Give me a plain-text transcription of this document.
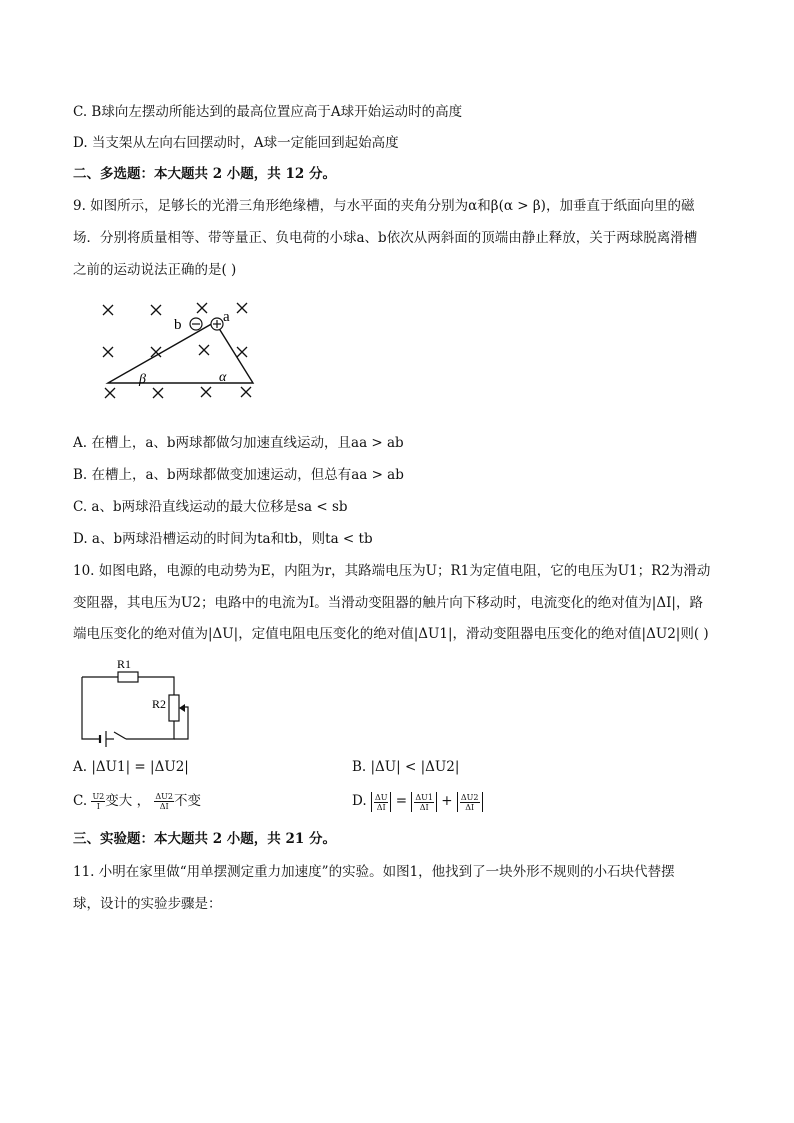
C. B球向左摆动所能达到的最高位置应高于A球开始运动时的高度
D. 当支架从左向右回摆动时，A球一定能回到起始高度
二、多选题：本大题共 2 小题，共 12 分。
9. 如图所示，足够长的光滑三角形绝缘槽，与水平面的夹角分别为α和β(α > β)，加垂直于纸面向里的磁
场．分别将质量相等、带等量正、负电荷的小球a、b依次从两斜面的顶端由静止释放，关于两球脱离滑槽
之前的运动说法正确的是( )
b	a
β	α
A. 在槽上，a、b两球都做匀加速直线运动，且aa > ab
B. 在槽上，a、b两球都做变加速运动，但总有aa > ab
C. a、b两球沿直线运动的最大位移是sa < sb
D. a、b两球沿槽运动的时间为ta和tb，则ta < tb
10. 如图电路，电源的电动势为E，内阻为r，其路端电压为U；R1为定值电阻，它的电压为U1；R2为滑动
变阻器，其电压为U2；电路中的电流为I。当滑动变阻器的触片向下移动时，电流变化的绝对值为|ΔI|，路
端电压变化的绝对值为|ΔU|，定值电阻电压变化的绝对值|ΔU1|，滑动变阻器电压变化的绝对值|ΔU2|则( )
R1
R2
A. |ΔU1| = |ΔU2|	B. |ΔU| < |ΔU2|
C. $\frac{U2}{I}$ 变大 ， $\frac{\Delta U2}{\Delta I}$ 不变	D. $\frac{\Delta U}{\Delta I} = \frac{\Delta U1}{\Delta I} + \frac{\Delta U2}{\Delta I}$
三、实验题：本大题共 2 小题，共 21 分。
11. 小明在家里做“用单摆测定重力加速度”的实验。如图1，他找到了一块外形不规则的小石块代替摆
球，设计的实验步骤是：
